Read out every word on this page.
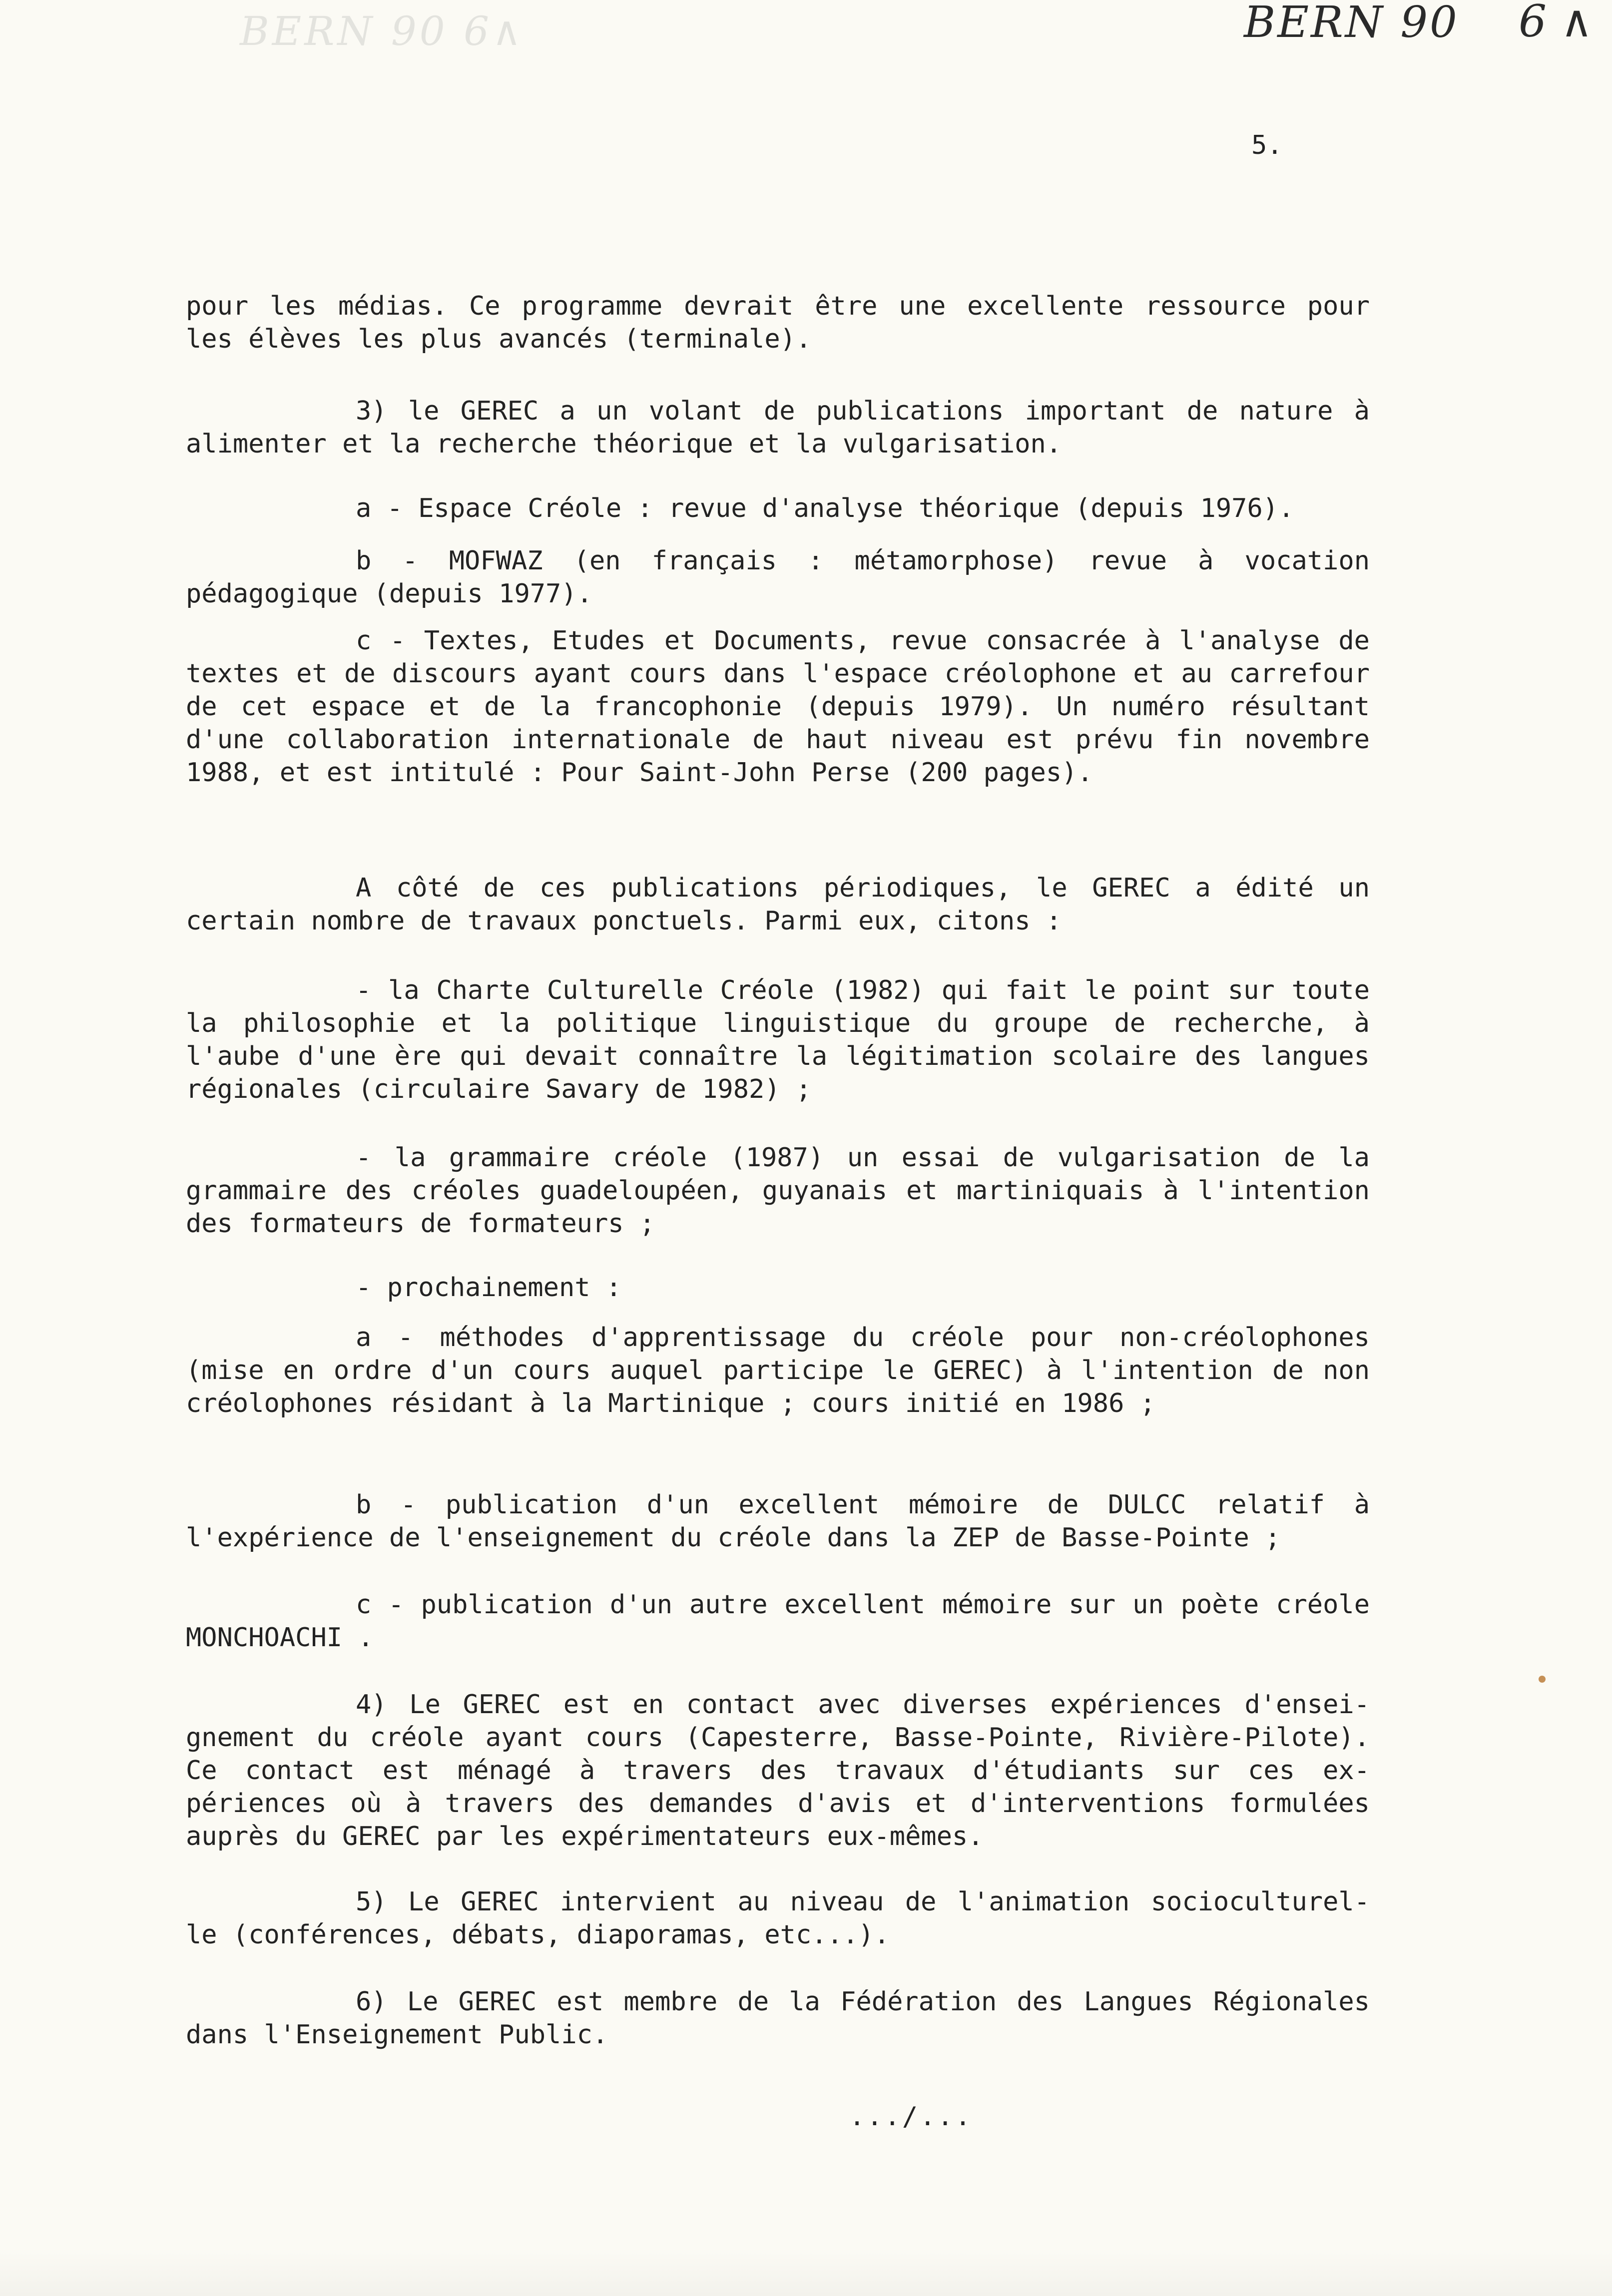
BERN 90 6∧	BERN 90 6 ∧
5.

pour les médias. Ce programme devrait être une excellente ressource pour les élèves les plus avancés (terminale).

3) le GEREC a un volant de publications important de nature à alimenter et la recherche théorique et la vulgarisation.

a - Espace Créole : revue d'analyse théorique (depuis 1976).

b - MOFWAZ (en français : métamorphose) revue à vocation pédagogique (depuis 1977).

c - Textes, Etudes et Documents, revue consacrée à l'analyse de textes et de discours ayant cours dans l'espace créolophone et au carrefour de cet espace et de la francophonie (depuis 1979). Un numéro résultant d'une collaboration internationale de haut niveau est prévu fin novembre 1988, et est intitulé : Pour Saint-John Perse (200 pages).

A côté de ces publications périodiques, le GEREC a édité un certain nombre de travaux ponctuels. Parmi eux, citons :

- la Charte Culturelle Créole (1982) qui fait le point sur toute la philosophie et la politique linguistique du groupe de recherche, à l'aube d'une ère qui devait connaître la légitimation scolaire des langues régionales (circulaire Savary de 1982) ;

- la grammaire créole (1987) un essai de vulgarisation de la grammaire des créoles guadeloupéen, guyanais et martiniquais à l'intention des formateurs de formateurs ;

- prochainement :

a - méthodes d'apprentissage du créole pour non-créolophones (mise en ordre d'un cours auquel participe le GEREC) à l'intention de non créolophones résidant à la Martinique ; cours initié en 1986 ;

b - publication d'un excellent mémoire de DULCC relatif à l'expérience de l'enseignement du créole dans la ZEP de Basse-Pointe ;

c - publication d'un autre excellent mémoire sur un poète créole MONCHOACHI .

4) Le GEREC est en contact avec diverses expériences d'ensei- gnement du créole ayant cours (Capesterre, Basse-Pointe, Rivière-Pilote). Ce contact est ménagé à travers des travaux d'étudiants sur ces ex- périences où à travers des demandes d'avis et d'interventions formulées auprès du GEREC par les expérimentateurs eux-mêmes.

5) Le GEREC intervient au niveau de l'animation socioculturel- le (conférences, débats, diaporamas, etc...).

6) Le GEREC est membre de la Fédération des Langues Régionales dans l'Enseignement Public.

.../...
